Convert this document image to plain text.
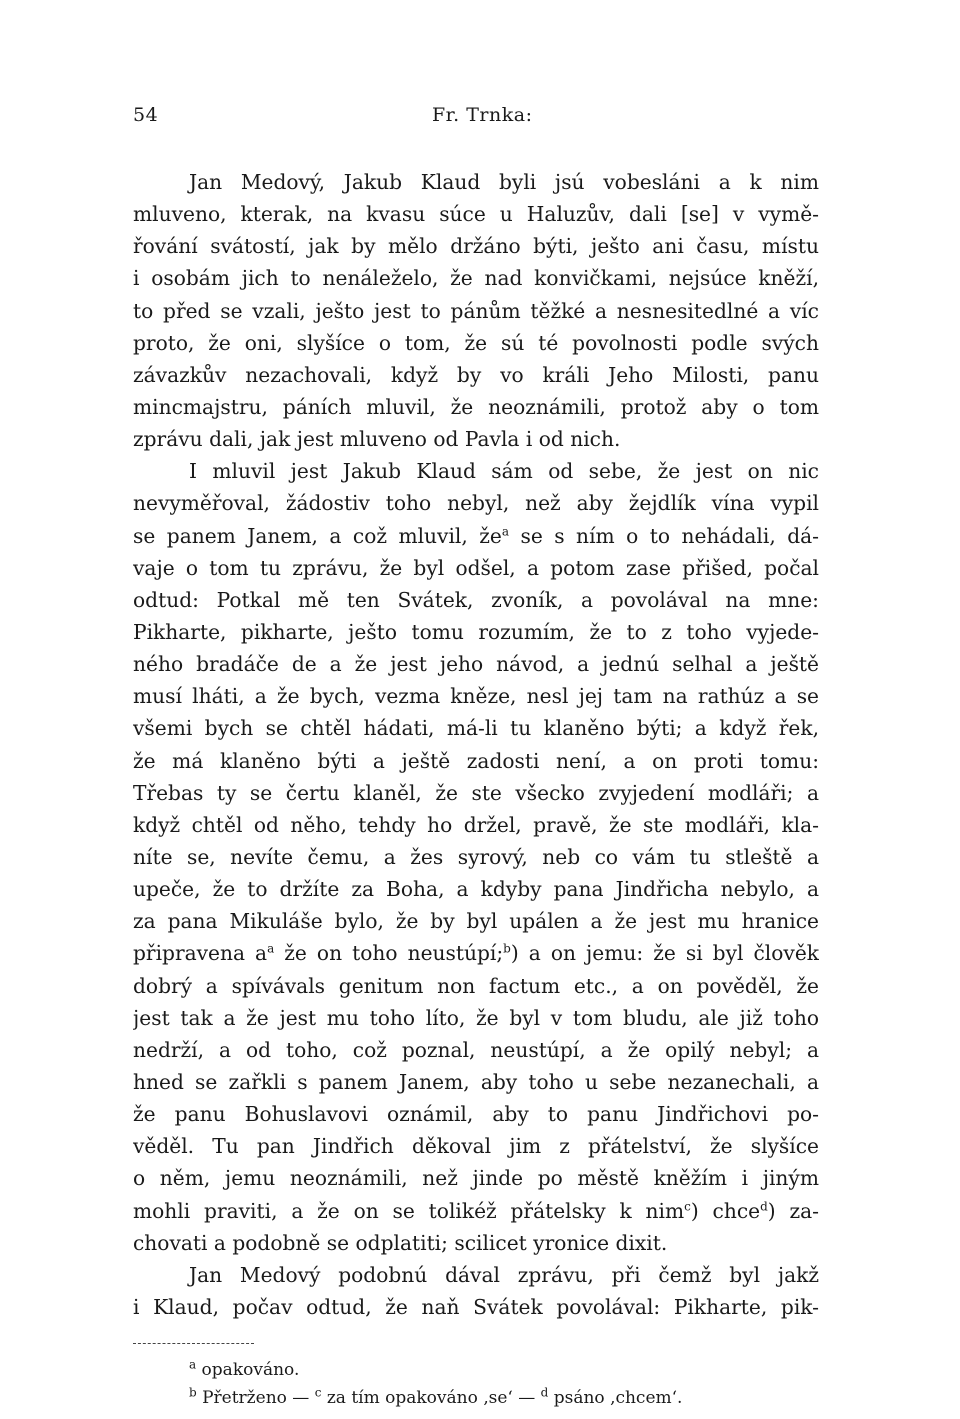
54	Fr. Trnka:
Jan Medový, Jakub Klaud byli jsú vobesláni a k nim
mluveno, kterak, na kvasu súce u Haluzův, dali [se] v vymě-
řování svátostí, jak by mělo držáno býti, ješto ani času, místu
i osobám jich to nenáleželo, že nad konvičkami, nejsúce kněží,
to před se vzali, ješto jest to pánům těžké a nesnesitedlné a víc
proto, že oni, slyšíce o tom, že sú té povolnosti podle svých
závazkův nezachovali, když by vo králi Jeho Milosti, panu
mincmajstru, páních mluvil, že neoznámili, protož aby o tom
zprávu dali, jak jest mluveno od Pavla i od nich.
I mluvil jest Jakub Klaud sám od sebe, že jest on nic
nevyměřoval, žádostiv toho nebyl, než aby žejdlík vína vypil
se panem Janem, a což mluvil, $že^a$ se s ním o to nehádali, dá-
vaje o tom tu zprávu, že byl odšel, a potom zase přišed, počal
odtud: Potkal mě ten Svátek, zvoník, a povolával na mne:
Pikharte, pikharte, ješto tomu rozumím, že to z toho vyjede-
ného bradáče de a že jest jeho návod, a jednú selhal a ještě
musí lháti, a že bych, vezma kněze, nesl jej tam na rathúz a se
všemi bych se chtěl hádati, má-li tu klaněno býti; a když řek,
že má klaněno býti a ještě zadosti není, a on proti tomu:
Třebas ty se čertu klaněl, že ste všecko zvyjedení modláři; a
když chtěl od něho, tehdy ho držel, pravě, že ste modláři, kla-
níte se, nevíte čemu, a žes syrový, neb co vám tu stleště a
upeče, že to držíte za Boha, a kdyby pana Jindřicha nebylo, a
za pana Mikuláše bylo, že by byl upálen a že jest mu hranice
připravena $a^a$ že on toho neustúpí;$^b$) a on jemu: že si byl člověk
dobrý a spívávals genitum non factum etc., a on pověděl, že
jest tak a že jest mu toho líto, že byl v tom bludu, ale již toho
nedrží, a od toho, což poznal, neustúpí, a že opilý nebyl; a
hned se zařkli s panem Janem, aby toho u sebe nezanechali, a
že panu Bohuslavovi oznámil, aby to panu Jindřichovi po-
věděl. Tu pan Jindřich děkoval jim z přátelství, že slyšíce
o něm, jemu neoznámili, než jinde po městě kněžím i jiným
mohli praviti, a že on se tolikéž přátelsky k nim$^c$) chce$^d$) za-
chovati a podobně se odplatiti; scilicet yronice dixit.
Jan Medový podobnú dával zprávu, při čemž byl jakž
i Klaud, počav odtud, že naň Svátek povolával: Pikharte, pik-
$^a$ opakováno.
$^b$ Přetrženo — $^c$ za tím opakováno ‚se‘ — $^d$ psáno ‚chcem‘.
